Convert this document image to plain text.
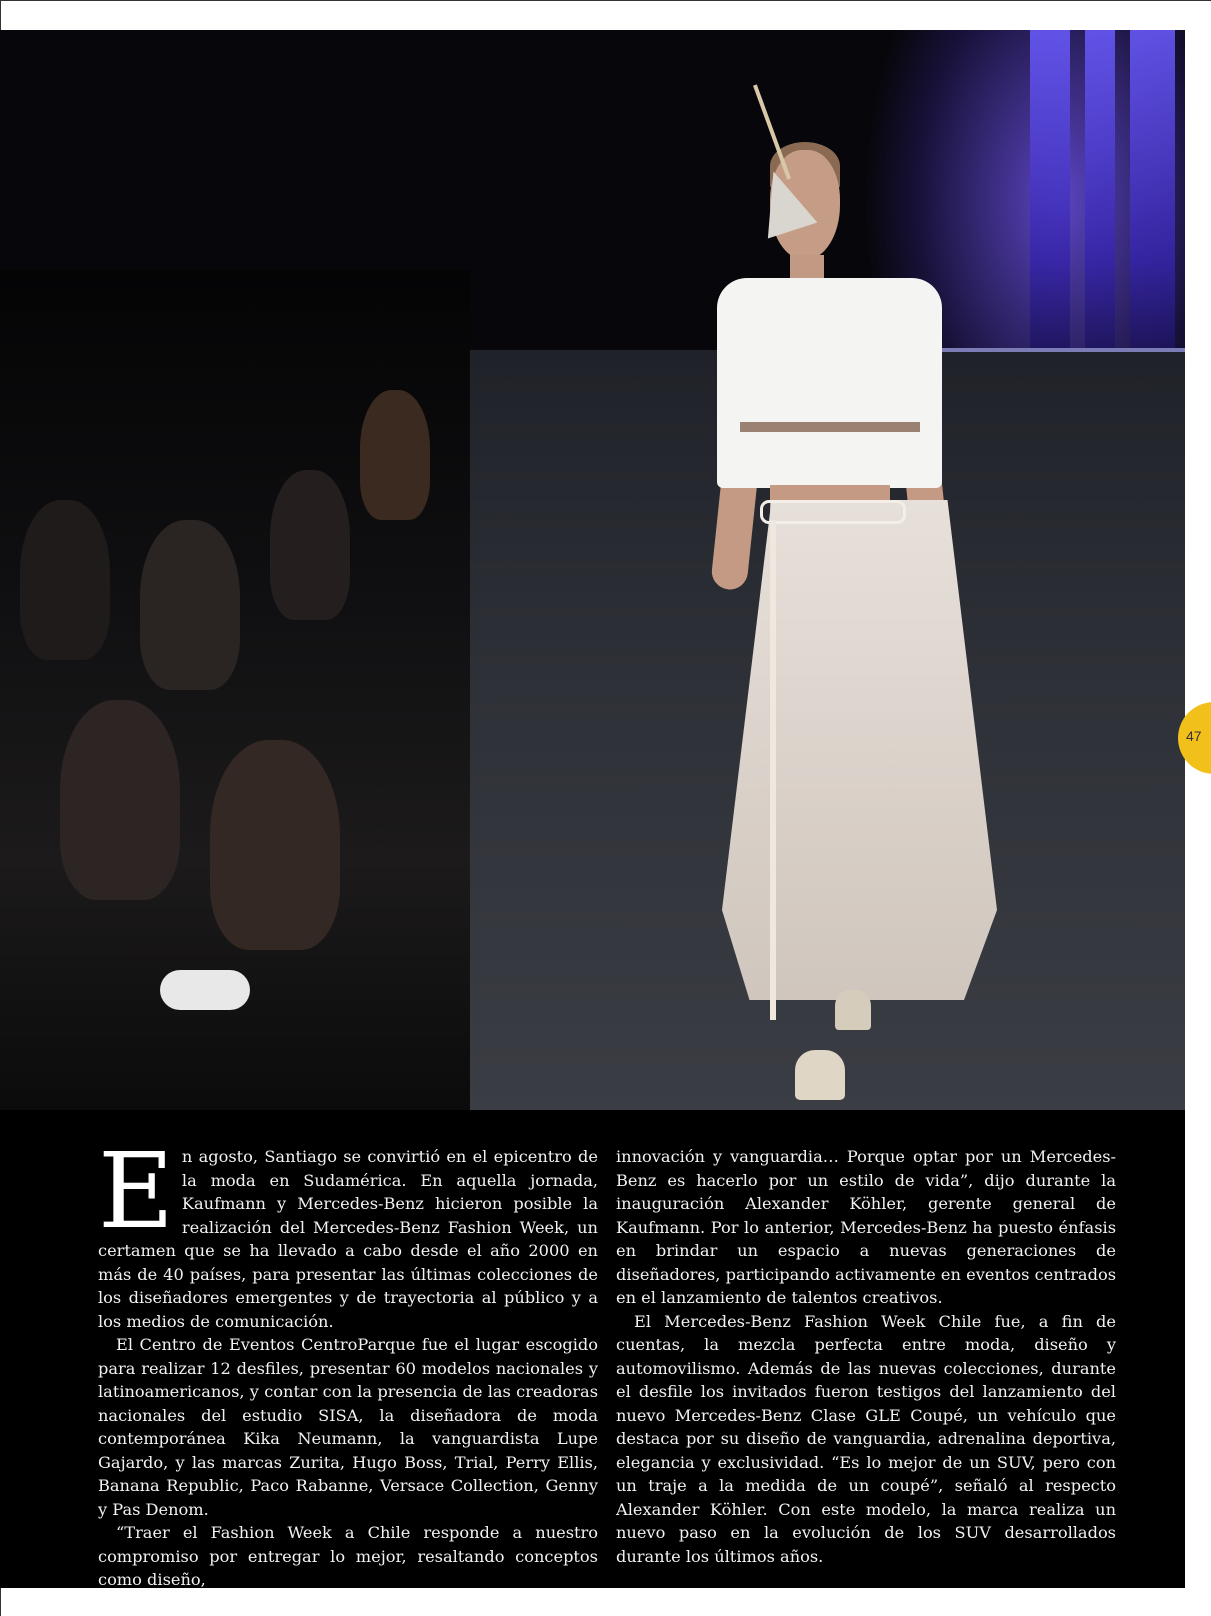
En agosto, Santiago se convirtió en el epicentro de la moda en Sudamérica. En aquella jornada, Kaufmann y Mercedes-Benz hicieron posible la realización del Mercedes-Benz Fashion Week, un certamen que se ha llevado a cabo desde el año 2000 en más de 40 países, para presentar las últimas colecciones de los diseñadores emergentes y de trayectoria al público y a los medios de comunicación.

El Centro de Eventos CentroParque fue el lugar escogido para realizar 12 desfiles, presentar 60 modelos nacionales y latinoamericanos, y contar con la presencia de las creadoras nacionales del estudio SISA, la diseñadora de moda contemporánea Kika Neumann, la vanguardista Lupe Gajardo, y las marcas Zurita, Hugo Boss, Trial, Perry Ellis, Banana Republic, Paco Rabanne, Versace Collection, Genny y Pas Denom.

“Traer el Fashion Week a Chile responde a nuestro compromiso por entregar lo mejor, resaltando conceptos como diseño,

innovación y vanguardia… Porque optar por un Mercedes-Benz es hacerlo por un estilo de vida”, dijo durante la inauguración Alexander Köhler, gerente general de Kaufmann. Por lo anterior, Mercedes-Benz ha puesto énfasis en brindar un espacio a nuevas generaciones de diseñadores, participando activamente en eventos centrados en el lanzamiento de talentos creativos.

El Mercedes-Benz Fashion Week Chile fue, a fin de cuentas, la mezcla perfecta entre moda, diseño y automovilismo. Además de las nuevas colecciones, durante el desfile los invitados fueron testigos del lanzamiento del nuevo Mercedes-Benz Clase GLE Coupé, un vehículo que destaca por su diseño de vanguardia, adrenalina deportiva, elegancia y exclusividad. “Es lo mejor de un SUV, pero con un traje a la medida de un coupé”, señaló al respecto Alexander Köhler. Con este modelo, la marca realiza un nuevo paso en la evolución de los SUV desarrollados durante los últimos años.

47
